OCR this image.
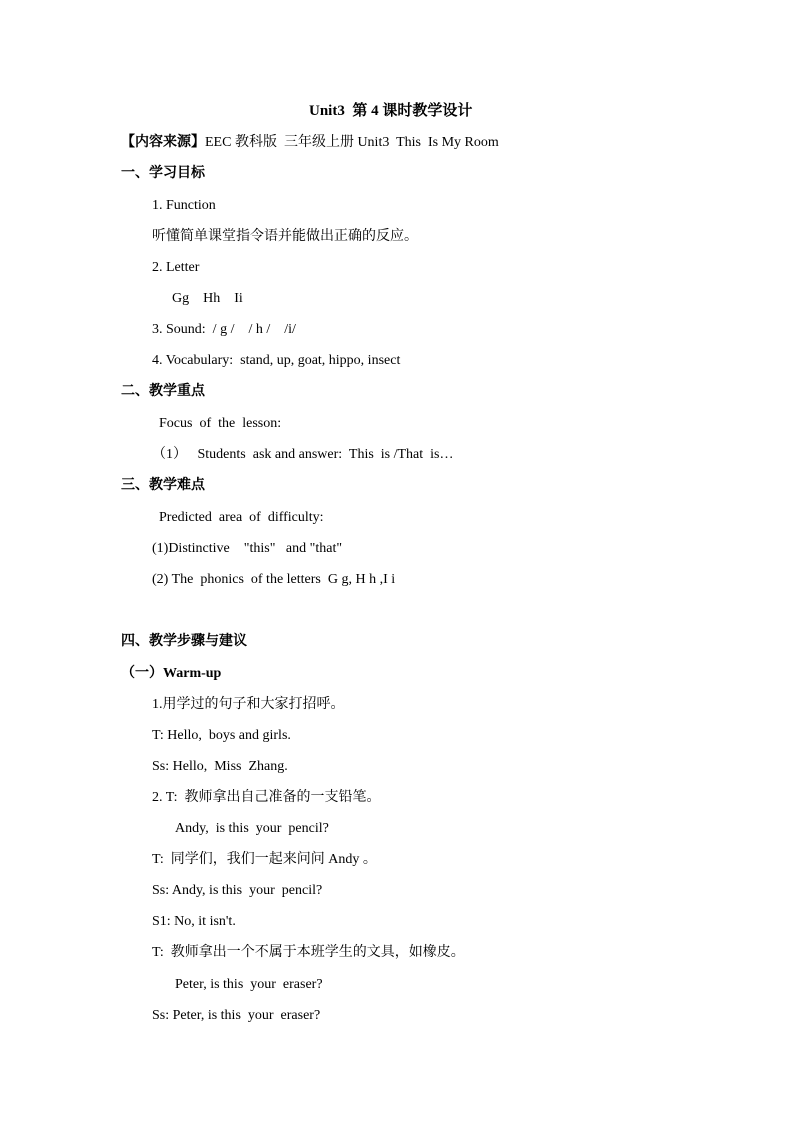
Unit3  第 4 课时教学设计
【内容来源】EEC 教科版  三年级上册 Unit3  This  Is My Room
一、学习目标
1. Function
听懂简单课堂指令语并能做出正确的反应。
2. Letter
Gg    Hh    Ii
3. Sound:  / g /    / h /    /i/
4. Vocabulary:  stand, up, goat, hippo, insect
二、教学重点
Focus  of  the  lesson:
（1）   Students  ask and answer:  This  is /That  is…
三、教学难点
Predicted  area  of  difficulty:
(1)Distinctive    "this"   and "that"
(2) The  phonics  of the letters  G g, H h ,I i
四、教学步骤与建议
（一）Warm-up
1.用学过的句子和大家打招呼。
T: Hello,  boys and girls.
Ss: Hello,  Miss  Zhang.
2. T:  教师拿出自己准备的一支铅笔。
Andy,  is this  your  pencil?
T:  同学们，我们一起来问问 Andy 。
Ss: Andy, is this  your  pencil?
S1: No, it isn't.
T:  教师拿出一个不属于本班学生的文具，如橡皮。
Peter, is this  your  eraser?
Ss: Peter, is this  your  eraser?
